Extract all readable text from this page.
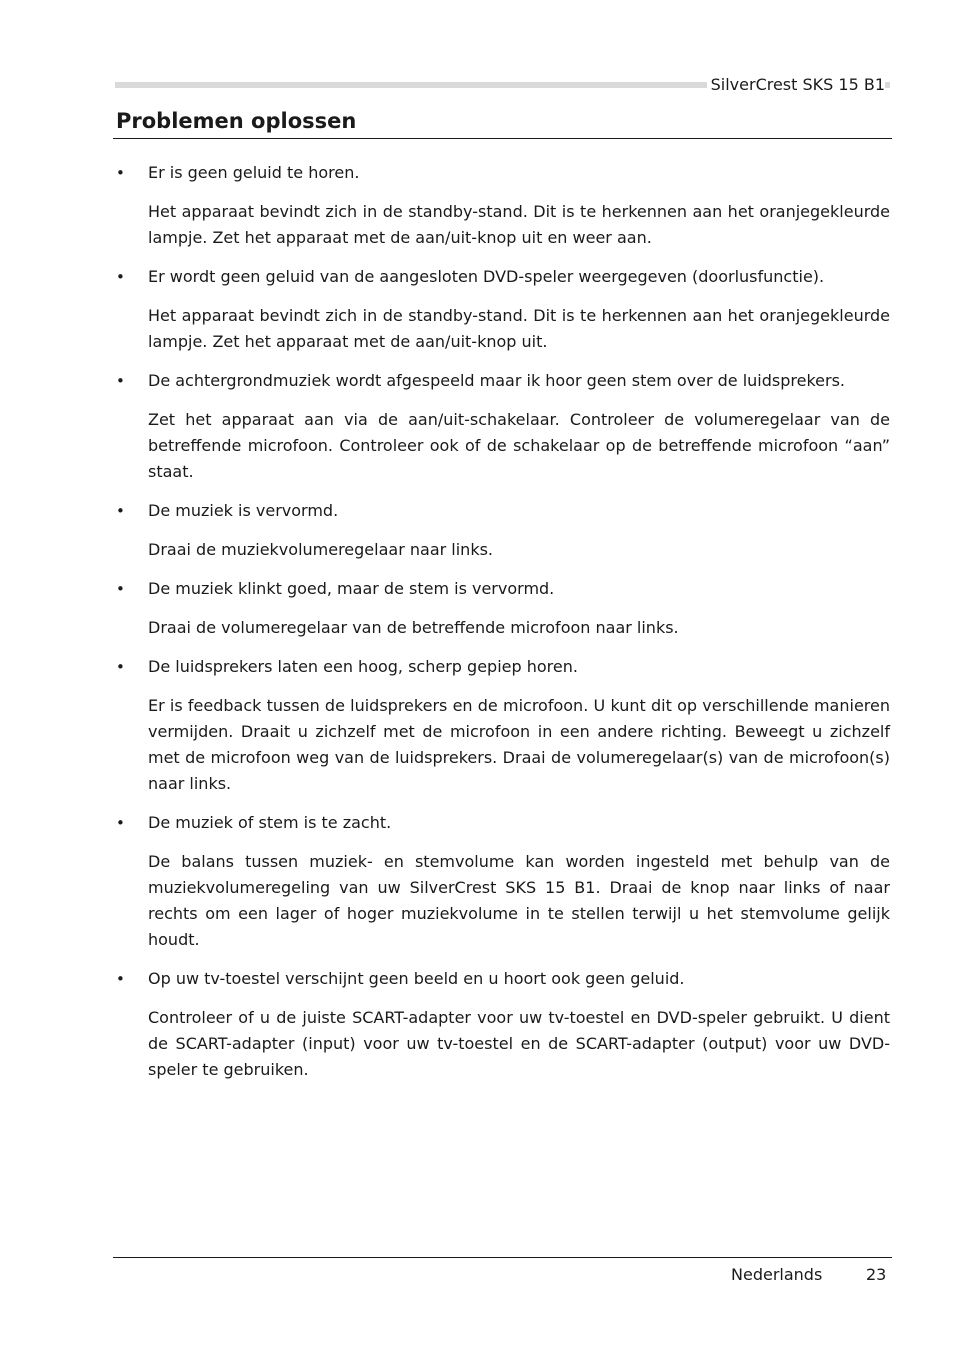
SilverCrest SKS 15 B1
Problemen oplossen

•	Er is geen geluid te horen.

Het apparaat bevindt zich in de standby-stand. Dit is te herkennen aan het oranjegekleurde lampje. Zet het apparaat met de aan/uit-knop uit en weer aan.

•	Er wordt geen geluid van de aangesloten DVD-speler weergegeven (doorlusfunctie).

Het apparaat bevindt zich in de standby-stand. Dit is te herkennen aan het oranjegekleurde lampje. Zet het apparaat met de aan/uit-knop uit.

•	De achtergrondmuziek wordt afgespeeld maar ik hoor geen stem over de luidsprekers.

Zet het apparaat aan via de aan/uit-schakelaar. Controleer de volumeregelaar van de betreffende microfoon. Controleer ook of de schakelaar op de betreffende microfoon “aan” staat.

•	De muziek is vervormd.

Draai de muziekvolumeregelaar naar links.

•	De muziek klinkt goed, maar de stem is vervormd.

Draai de volumeregelaar van de betreffende microfoon naar links.

•	De luidsprekers laten een hoog, scherp gepiep horen.

Er is feedback tussen de luidsprekers en de microfoon. U kunt dit op verschillende manieren vermijden. Draait u zichzelf met de microfoon in een andere richting. Beweegt u zichzelf met de microfoon weg van de luidsprekers. Draai de volumeregelaar(s) van de microfoon(s) naar links.

•	De muziek of stem is te zacht.

De balans tussen muziek- en stemvolume kan worden ingesteld met behulp van de muziekvolumeregeling van uw SilverCrest SKS 15 B1. Draai de knop naar links of naar rechts om een lager of hoger muziekvolume in te stellen terwijl u het stemvolume gelijk houdt.

•	Op uw tv-toestel verschijnt geen beeld en u hoort ook geen geluid.

Controleer of u de juiste SCART-adapter voor uw tv-toestel en DVD-speler gebruikt. U dient de SCART-adapter (input) voor uw tv-toestel en de SCART-adapter (output) voor uw DVD-speler te gebruiken.

Nederlands	23
